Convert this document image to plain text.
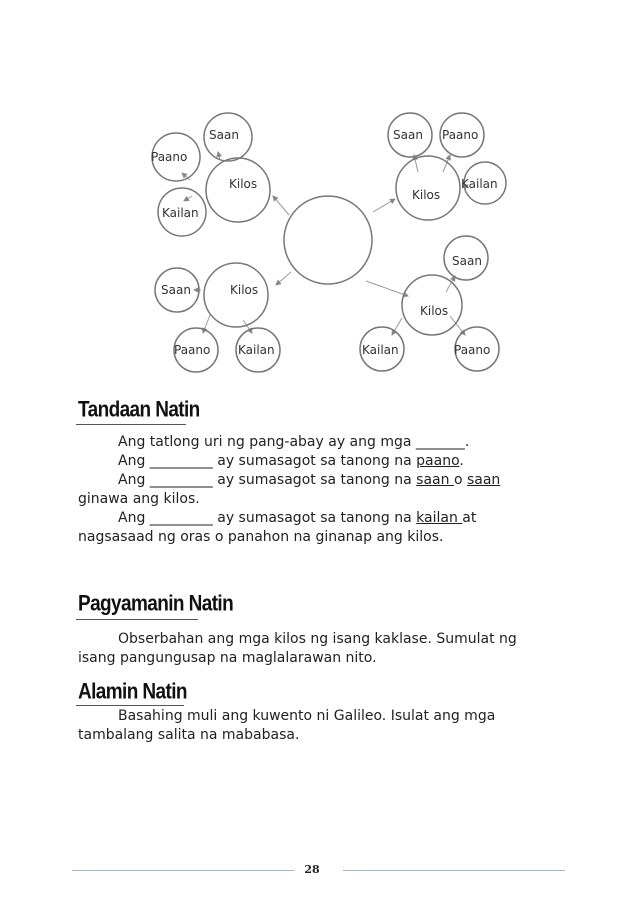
Kilos
Saan
Paano
Kailan
Kilos
Saan Paano
Kailan
Kilos
Saan
Paano Kailan
Kilos
Saan
Paano
Kailan
Tandaan Natin

Ang tatlong uri ng pang-abay ay ang mga _______.

Ang _________ ay sumasagot sa tanong na paano.

Ang _________ ay sumasagot sa tanong na saan o saan

ginawa ang kilos.

Ang _________ ay sumasagot sa tanong na kailan at

nagsasaad ng oras o panahon na ginanap ang kilos.

Pagyamanin Natin

Obserbahan ang mga kilos ng isang kaklase. Sumulat ng

isang pangungusap na maglalarawan nito.

Alamin Natin

Basahing muli ang kuwento ni Galileo. Isulat ang mga

tambalang salita na mababasa.

28
